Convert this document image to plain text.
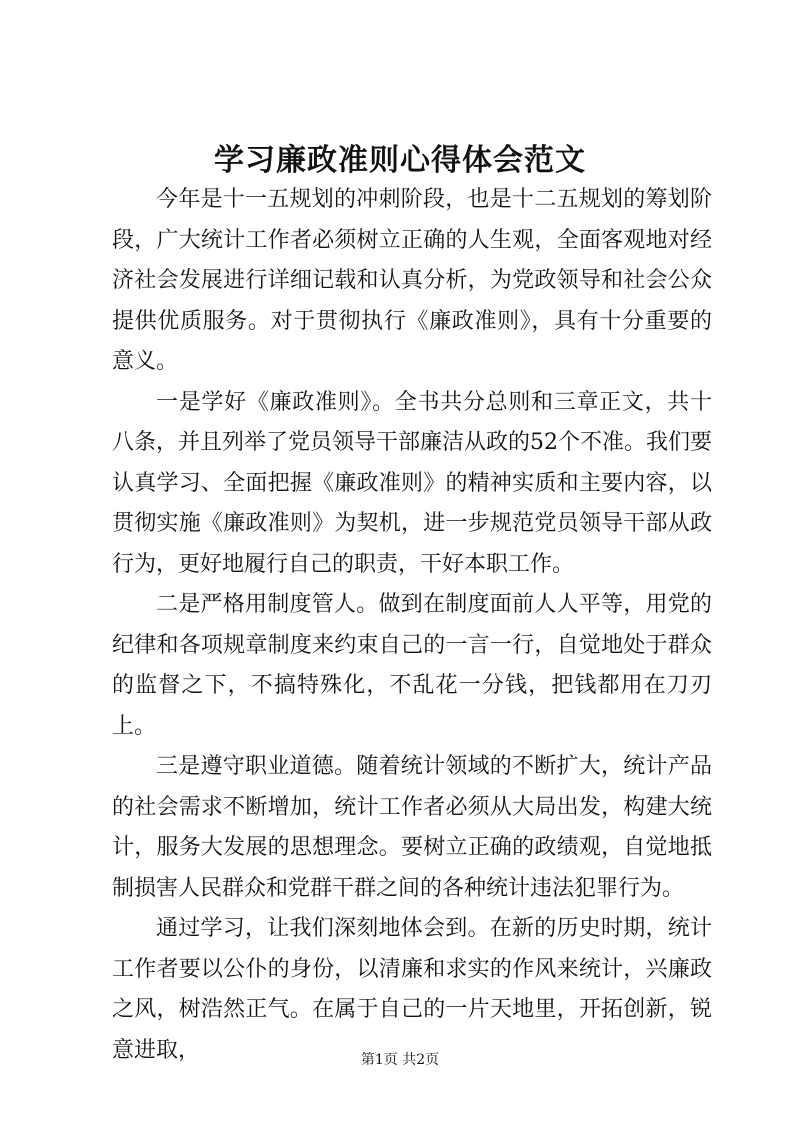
学习廉政准则心得体会范文

今年是十一五规划的冲刺阶段，也是十二五规划的筹划阶段，广大统计工作者必须树立正确的人生观，全面客观地对经济社会发展进行详细记载和认真分析，为党政领导和社会公众提供优质服务。对于贯彻执行《廉政准则》，具有十分重要的意义。

一是学好《廉政准则》。全书共分总则和三章正文，共十八条，并且列举了党员领导干部廉洁从政的52个不准。我们要认真学习、全面把握《廉政准则》的精神实质和主要内容，以贯彻实施《廉政准则》为契机，进一步规范党员领导干部从政行为，更好地履行自己的职责，干好本职工作。

二是严格用制度管人。做到在制度面前人人平等，用党的纪律和各项规章制度来约束自己的一言一行，自觉地处于群众的监督之下，不搞特殊化，不乱花一分钱，把钱都用在刀刃上。

三是遵守职业道德。随着统计领域的不断扩大，统计产品的社会需求不断增加，统计工作者必须从大局出发，构建大统计，服务大发展的思想理念。要树立正确的政绩观，自觉地抵制损害人民群众和党群干群之间的各种统计违法犯罪行为。

通过学习，让我们深刻地体会到。在新的历史时期，统计工作者要以公仆的身份，以清廉和求实的作风来统计，兴廉政之风，树浩然正气。在属于自己的一片天地里，开拓创新，锐意进取，	第1页 共2页
